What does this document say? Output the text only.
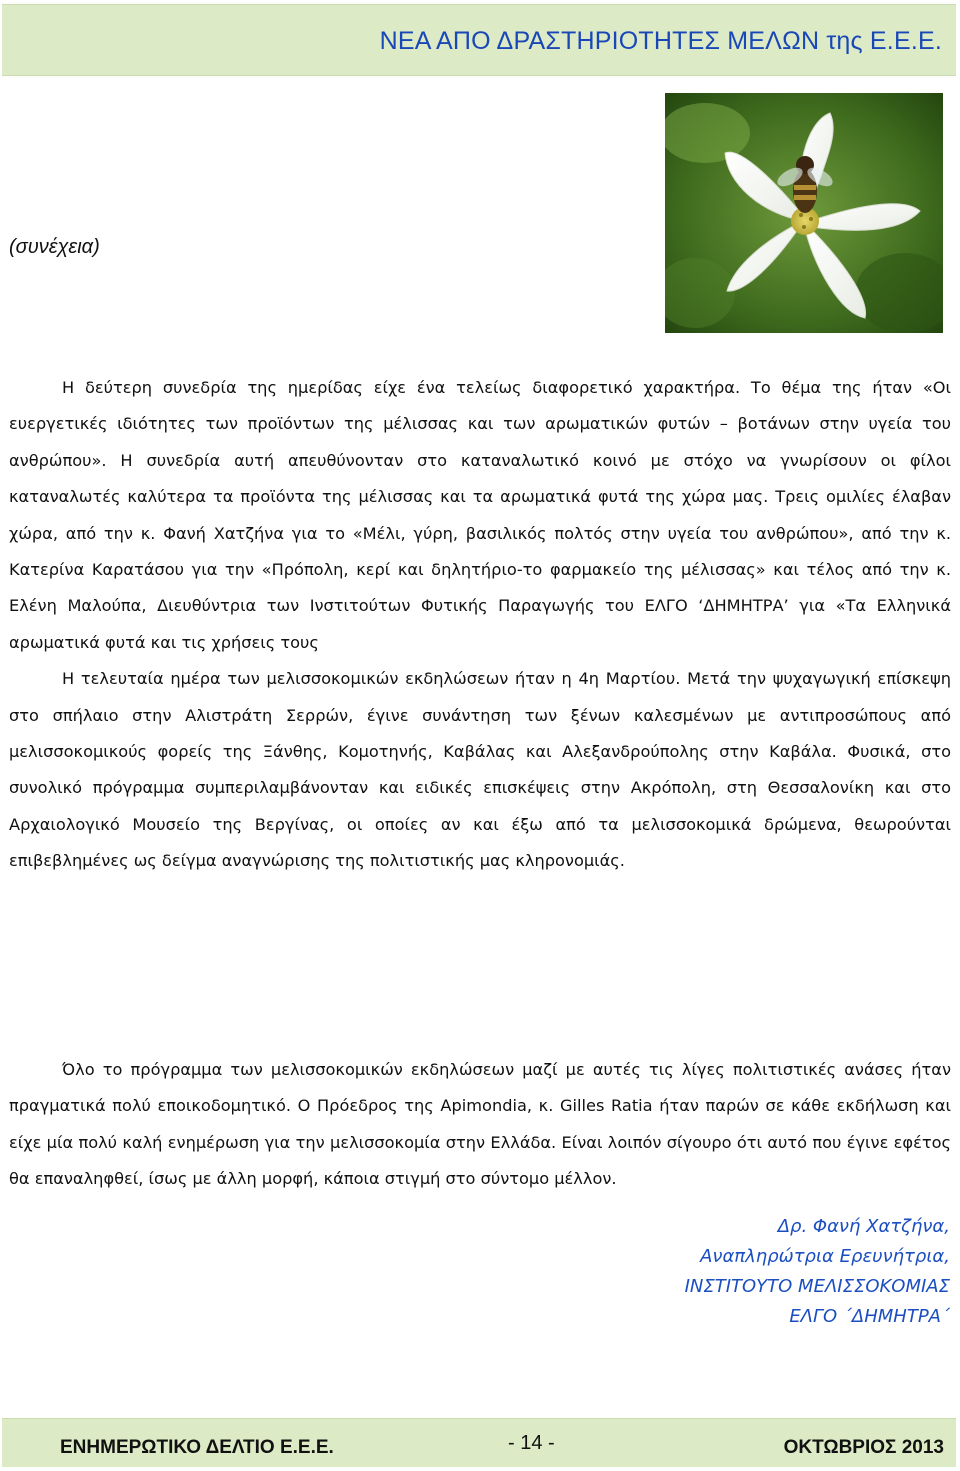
ΝΕΑ ΑΠΟ ΔΡΑΣΤΗΡΙΟΤΗΤΕΣ ΜΕΛΩΝ της Ε.Ε.Ε.
(συνέχεια)

Η δεύτερη συνεδρία της ημερίδας είχε ένα τελείως διαφορετικό χαρακτήρα. Το θέμα της ήταν «Οι ευεργετικές ιδιότητες των προϊόντων της μέλισσας και των αρωματικών φυτών – βοτάνων στην υγεία του ανθρώπου». Η συνεδρία αυτή απευθύνονταν στο καταναλωτικό κοινό με στόχο να γνωρίσουν οι φίλοι καταναλωτές καλύτερα τα προϊόντα της μέλισσας και τα αρωματικά φυτά της χώρα μας. Τρεις ομιλίες έλαβαν χώρα, από την κ. Φανή Χατζήνα για το «Μέλι, γύρη, βασιλικός πολτός στην υγεία του ανθρώπου», από την κ. Κατερίνα Καρατάσου για την «Πρόπολη, κερί και δηλητήριο-το φαρμακείο της μέλισσας» και τέλος από την κ. Ελένη Μαλούπα, Διευθύντρια των Ινστιτούτων Φυτικής Παραγωγής του ΕΛΓΟ ‘ΔΗΜΗΤΡΑ’ για «Τα Ελληνικά αρωματικά φυτά και τις χρήσεις τους

Η τελευταία ημέρα των μελισσοκομικών εκδηλώσεων ήταν η 4η Μαρτίου. Μετά την ψυχαγωγική επίσκεψη στο σπήλαιο στην Αλιστράτη Σερρών, έγινε συνάντηση των ξένων καλεσμένων με αντιπροσώπους από μελισσοκομικούς φορείς της Ξάνθης, Κομοτηνής, Καβάλας και Αλεξανδρούπολης στην Καβάλα. Φυσικά, στο συνολικό πρόγραμμα συμπεριλαμβάνονταν και ειδικές επισκέψεις στην Ακρόπολη, στη Θεσσαλονίκη και στο Αρχαιολογικό Μουσείο της Βεργίνας, οι οποίες αν και έξω από τα μελισσοκομικά δρώμενα, θεωρούνται επιβεβλημένες ως δείγμα αναγνώρισης της πολιτιστικής μας κληρονομιάς.

Όλο το πρόγραμμα των μελισσοκομικών εκδηλώσεων μαζί με αυτές τις λίγες πολιτιστικές ανάσες ήταν πραγματικά πολύ εποικοδομητικό. Ο Πρόεδρος της Apimondia, κ. Gilles Ratia ήταν παρών σε κάθε εκδήλωση και είχε μία πολύ καλή ενημέρωση για την μελισσοκομία στην Ελλάδα. Είναι λοιπόν σίγουρο ότι αυτό που έγινε εφέτος θα επαναληφθεί, ίσως με άλλη μορφή, κάποια στιγμή στο σύντομο μέλλον.

Δρ. Φανή Χατζήνα,
Αναπληρώτρια Ερευνήτρια,
ΙΝΣΤΙΤΟΥΤΟ ΜΕΛΙΣΣΟΚΟΜΙΑΣ
ΕΛΓΟ ΄ΔΗΜΗΤΡΑ΄
ΕΝΗΜΕΡΩΤΙΚΟ ΔΕΛΤΙΟ Ε.Ε.Ε.	- 14 -	ΟΚΤΩΒΡΙΟΣ 2013
